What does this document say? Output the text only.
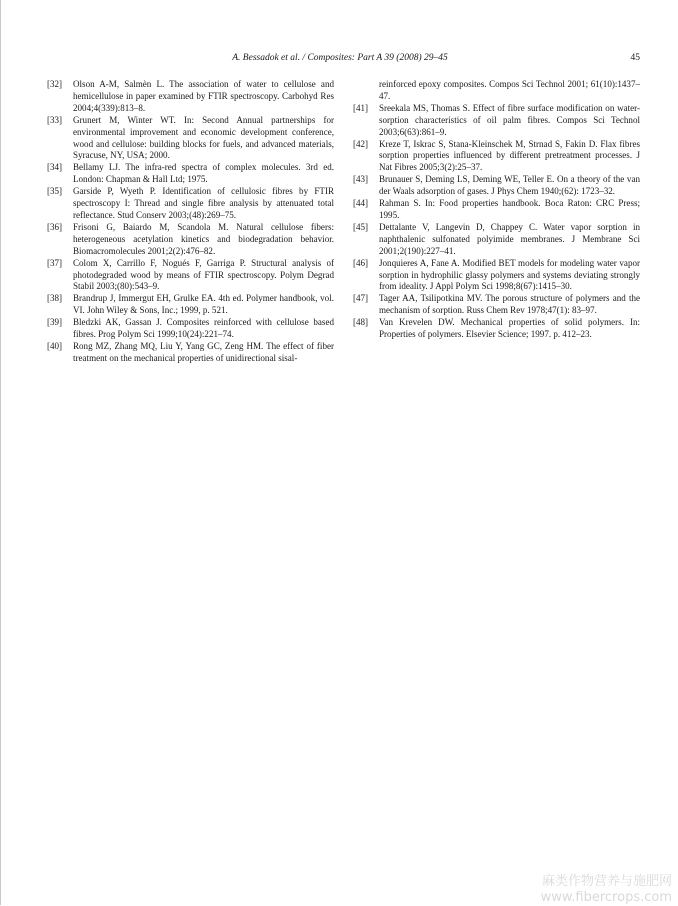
A. Bessadok et al. / Composites: Part A 39 (2008) 29–45	45

[32] Olson A-M, Salmèn L. The association of water to cellulose and hemicellulose in paper examined by FTIR spectroscopy. Carbohyd Res 2004;4(339):813–8.

[33] Grunert M, Winter WT. In: Second Annual partnerships for environmental improvement and economic development conference, wood and cellulose: building blocks for fuels, and advanced materials, Syracuse, NY, USA; 2000.

[34] Bellamy LJ. The infra-red spectra of complex molecules. 3rd ed. London: Chapman & Hall Ltd; 1975.

[35] Garside P, Wyeth P. Identification of cellulosic fibres by FTIR spectroscopy I: Thread and single fibre analysis by attenuated total reflectance. Stud Conserv 2003;(48):269–75.

[36] Frisoni G, Baiardo M, Scandola M. Natural cellulose fibers: heterogeneous acetylation kinetics and biodegradation behavior. Biomacromolecules 2001;2(2):476–82.

[37] Colom X, Carrillo F, Nogués F, Garriga P. Structural analysis of photodegraded wood by means of FTIR spectroscopy. Polym Degrad Stabil 2003;(80):543–9.

[38] Brandrup J, Immergut EH, Grulke EA. 4th ed. Polymer handbook, vol. VI. John Wiley & Sons, Inc.; 1999, p. 521.

[39] Bledzki AK, Gassan J. Composites reinforced with cellulose based fibres. Prog Polym Sci 1999;10(24):221–74.

[40] Rong MZ, Zhang MQ, Liu Y, Yang GC, Zeng HM. The effect of fiber treatment on the mechanical properties of unidirectional sisal-

reinforced epoxy composites. Compos Sci Technol 2001; 61(10):1437–47.

[41] Sreekala MS, Thomas S. Effect of fibre surface modification on water-sorption characteristics of oil palm fibres. Compos Sci Technol 2003;6(63):861–9.

[42] Kreze T, Iskrac S, Stana-Kleinschek M, Strnad S, Fakin D. Flax fibres sorption properties influenced by different pretreatment processes. J Nat Fibres 2005;3(2):25–37.

[43] Brunauer S, Deming LS, Deming WE, Teller E. On a theory of the van der Waals adsorption of gases. J Phys Chem 1940;(62): 1723–32.

[44] Rahman S. In: Food properties handbook. Boca Raton: CRC Press; 1995.

[45] Dettalante V, Langevin D, Chappey C. Water vapor sorption in naphthalenic sulfonated polyimide membranes. J Membrane Sci 2001;2(190):227–41.

[46] Jonquieres A, Fane A. Modified BET models for modeling water vapor sorption in hydrophilic glassy polymers and systems deviating strongly from ideality. J Appl Polym Sci 1998;8(67):1415–30.

[47] Tager AA, Tsilipotkina MV. The porous structure of polymers and the mechanism of sorption. Russ Chem Rev 1978;47(1): 83–97.

[48] Van Krevelen DW. Mechanical properties of solid polymers. In: Properties of polymers. Elsevier Science; 1997. p. 412–23.

麻类作物营养与施肥网
www.fibercrops.com
